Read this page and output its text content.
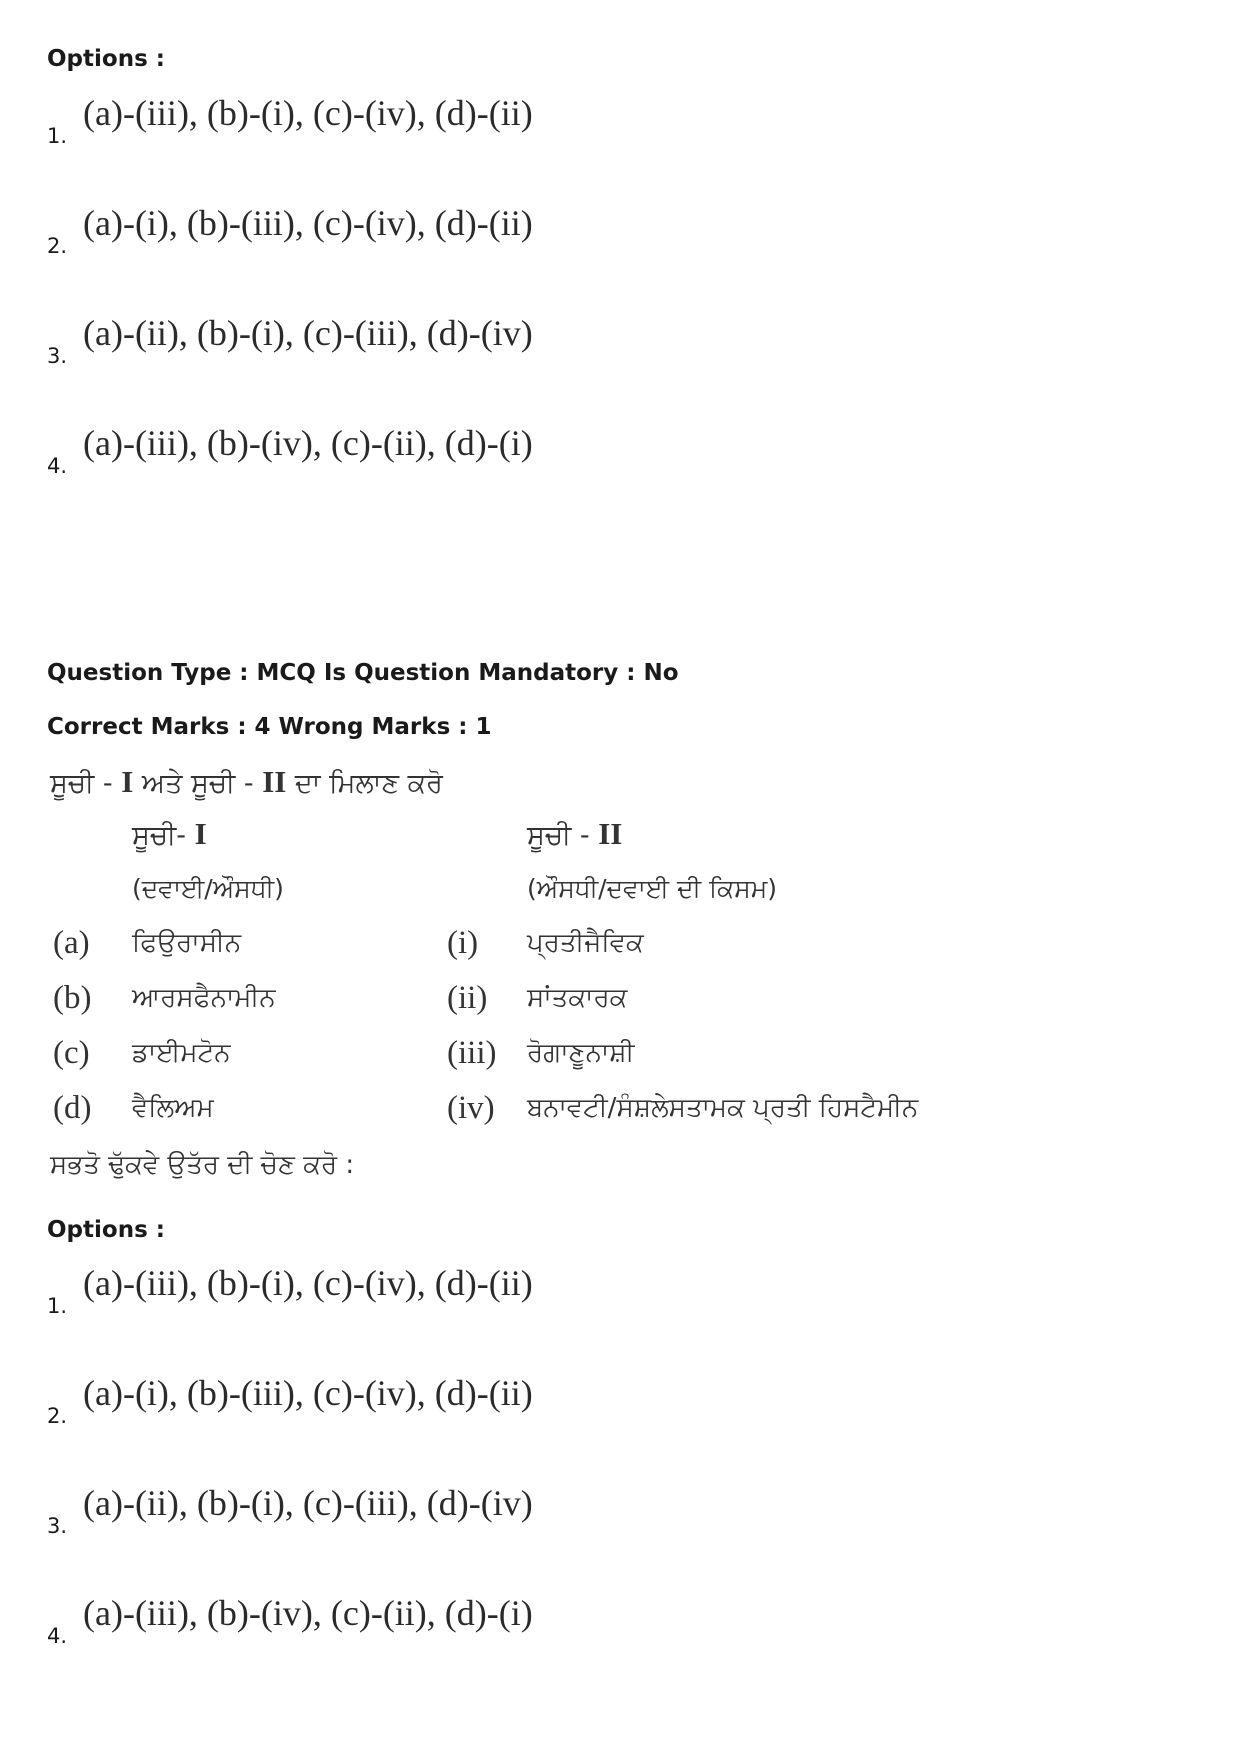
Options :
1.
(a)-(iii), (b)-(i), (c)-(iv), (d)-(ii)
2.
(a)-(i), (b)-(iii), (c)-(iv), (d)-(ii)
3.
(a)-(ii), (b)-(i), (c)-(iii), (d)-(iv)
4.
(a)-(iii), (b)-(iv), (c)-(ii), (d)-(i)
Question Type : MCQ Is Question Mandatory : No
Correct Marks : 4 Wrong Marks : 1
ਸੂਚੀ - I ਅਤੇ ਸੂਚੀ - II ਦਾ ਮਿਲਾਣ ਕਰੋ
ਸੂਚੀ- I	ਸੂਚੀ - II
(ਦਵਾਈ/ਔਸਧੀ)	(ਔਸਧੀ/ਦਵਾਈ ਦੀ ਕਿਸਮ)
(a) ਫਿਉਰਾਸੀਨ	(i) ਪ੍ਰਤੀਜੈਵਿਕ
(b) ਆਰਸਫੈਨਾਮੀਨ	(ii) ਸਾਂਤਕਾਰਕ
(c) ਡਾਈਮਟੋਨ	(iii) ਰੋਗਾਣੂਨਾਸ਼ੀ
(d) ਵੈਲਿਅਮ	(iv) ਬਨਾਵਟੀ/ਸੰਸ਼ਲੇਸਤਾਮਕ ਪ੍ਰਤੀ ਹਿਸਟੈਮੀਨ
ਸਭਤੋ ਢੁੱਕਵੇ ਉਤੱਰ ਦੀ ਚੋਣ ਕਰੋ :
Options :
1.
(a)-(iii), (b)-(i), (c)-(iv), (d)-(ii)
2.
(a)-(i), (b)-(iii), (c)-(iv), (d)-(ii)
3.
(a)-(ii), (b)-(i), (c)-(iii), (d)-(iv)
4.
(a)-(iii), (b)-(iv), (c)-(ii), (d)-(i)
